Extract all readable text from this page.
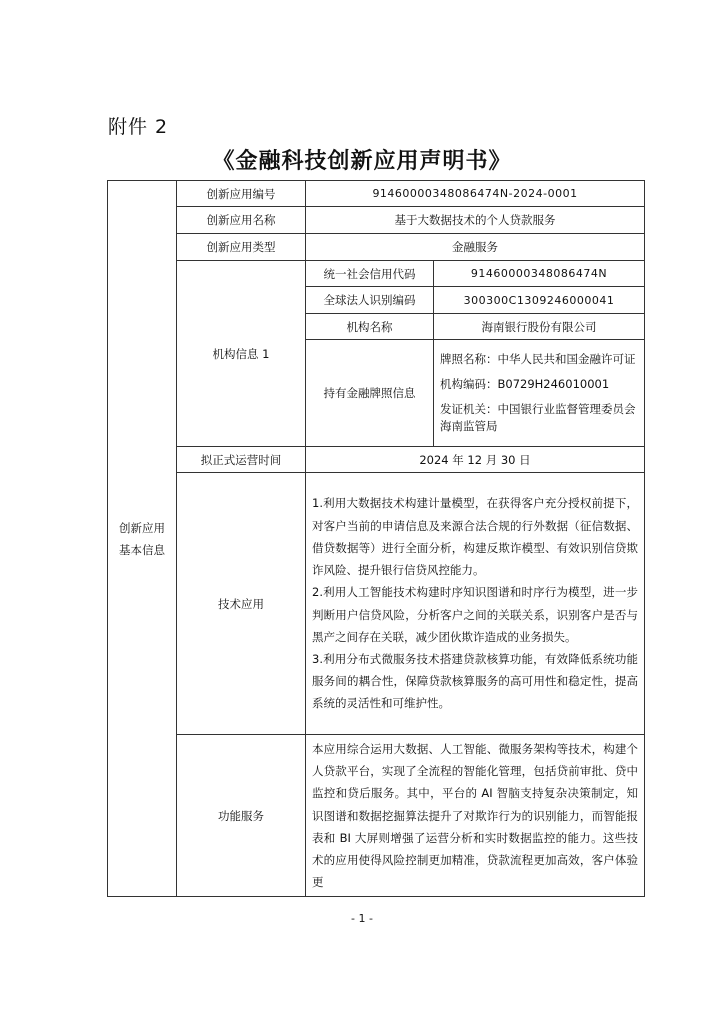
附件 2
《金融科技创新应用声明书》
创新应用基本信息	创新应用编号	91460000348086474N-2024-0001	
	创新应用名称	基于大数据技术的个人贷款服务	
	创新应用类型	金融服务	
	机构信息 1	统一社会信用代码	91460000348086474N
		全球法人识别编码	300300C1309246000041
		机构名称	海南银行股份有限公司
		持有金融牌照信息	牌照名称：中华人民共和国金融许可证

机构编码：B0729H246010001

发证机关：中国银行业监督管理委员会海南监管局

	拟正式运营时间	2024 年 12 月 30 日	
	技术应用	1.利用大数据技术构建计量模型，在获得客户充分授权前提下，对客户当前的申请信息及来源合法合规的行外数据（征信数据、借贷数据等）进行全面分析，构建反欺诈模型、有效识别信贷欺诈风险、提升银行信贷风控能力。

2.利用人工智能技术构建时序知识图谱和时序行为模型，进一步判断用户信贷风险，分析客户之间的关联关系，识别客户是否与黑产之间存在关联，减少团伙欺诈造成的业务损失。

3.利用分布式微服务技术搭建贷款核算功能，有效降低系统功能服务间的耦合性，保障贷款核算服务的高可用性和稳定性，提高系统的灵活性和可维护性。	

	功能服务	本应用综合运用大数据、人工智能、微服务架构等技术，构建个人贷款平台，实现了全流程的智能化管理，包括贷前审批、贷中监控和贷后服务。其中，平台的 AI 智脑支持复杂决策制定，知识图谱和数据挖掘算法提升了对欺诈行为的识别能力，而智能报表和 BI 大屏则增强了运营分析和实时数据监控的能力。这些技术的应用使得风险控制更加精准，贷款流程更加高效，客户体验更	

- 1 -
